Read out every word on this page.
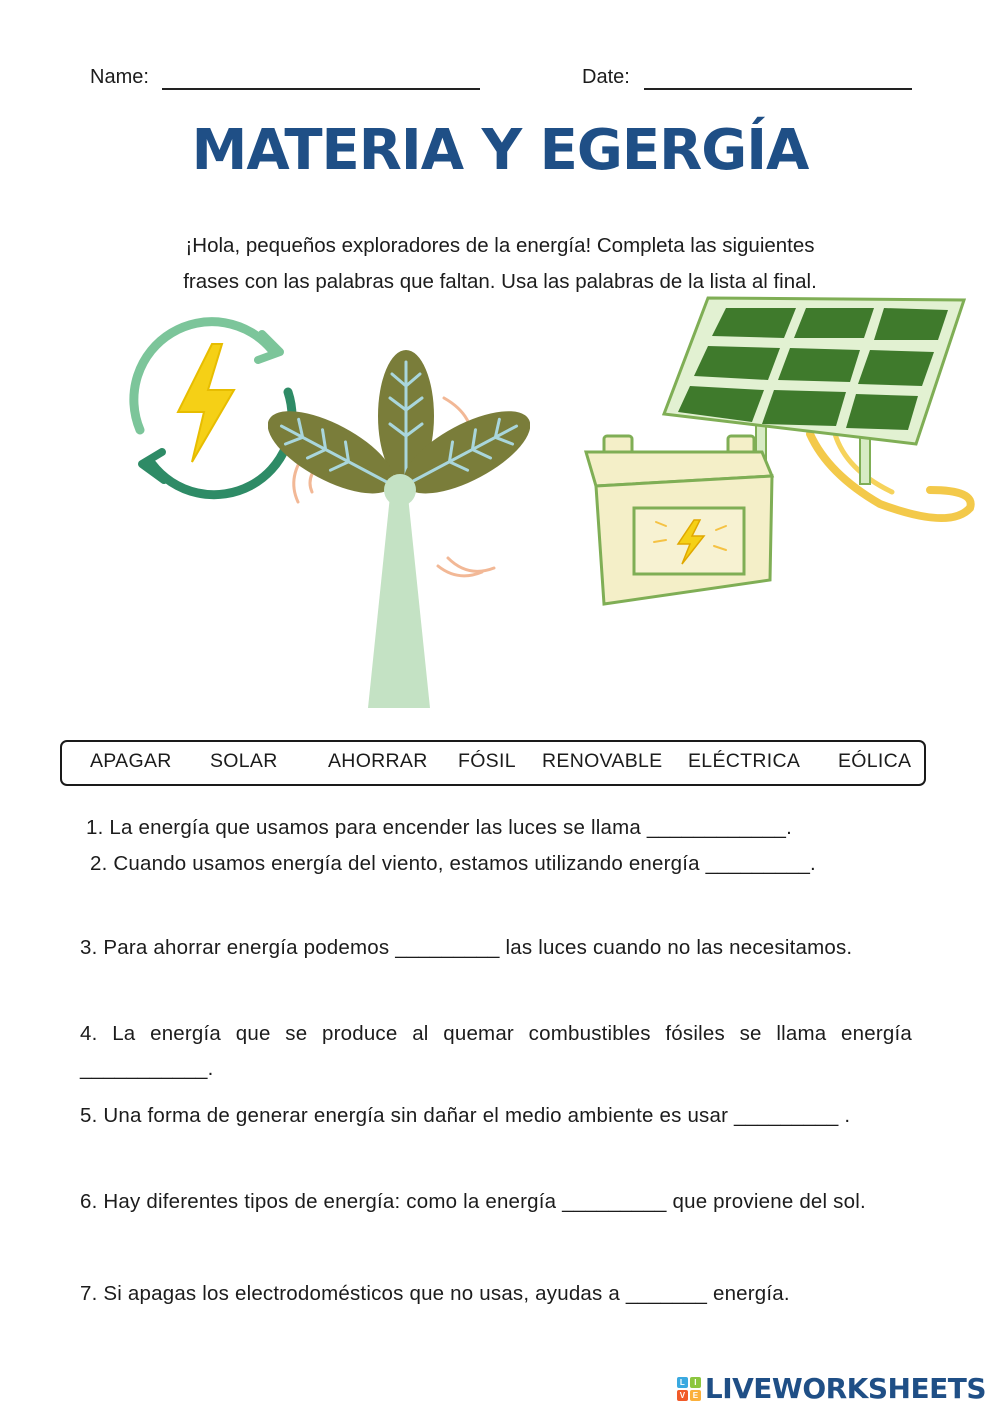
Name:	Date:
MATERIA Y EGERGÍA
¡Hola, pequeños exploradores de la energía! Completa las siguientes
frases con las palabras que faltan. Usa las palabras de la lista al final.
APAGAR SOLAR	AHORRAR FÓSIL RENOVABLE ELÉCTRICA EÓLICA
1. La energía que usamos para encender las luces se llama ____________.
2. Cuando usamos energía del viento, estamos utilizando energía _________.
3. Para ahorrar energía podemos _________ las luces cuando no las necesitamos.
4. La energía que se produce al quemar combustibles fósiles se llama energía ___________.
5. Una forma de generar energía sin dañar el medio ambiente es usar _________ .
6. Hay diferentes tipos de energía: como la energía _________ que proviene del sol.
7. Si apagas los electrodomésticos que no usas, ayudas a _______ energía.
L	I
V E LIVEWORKSHEETS
